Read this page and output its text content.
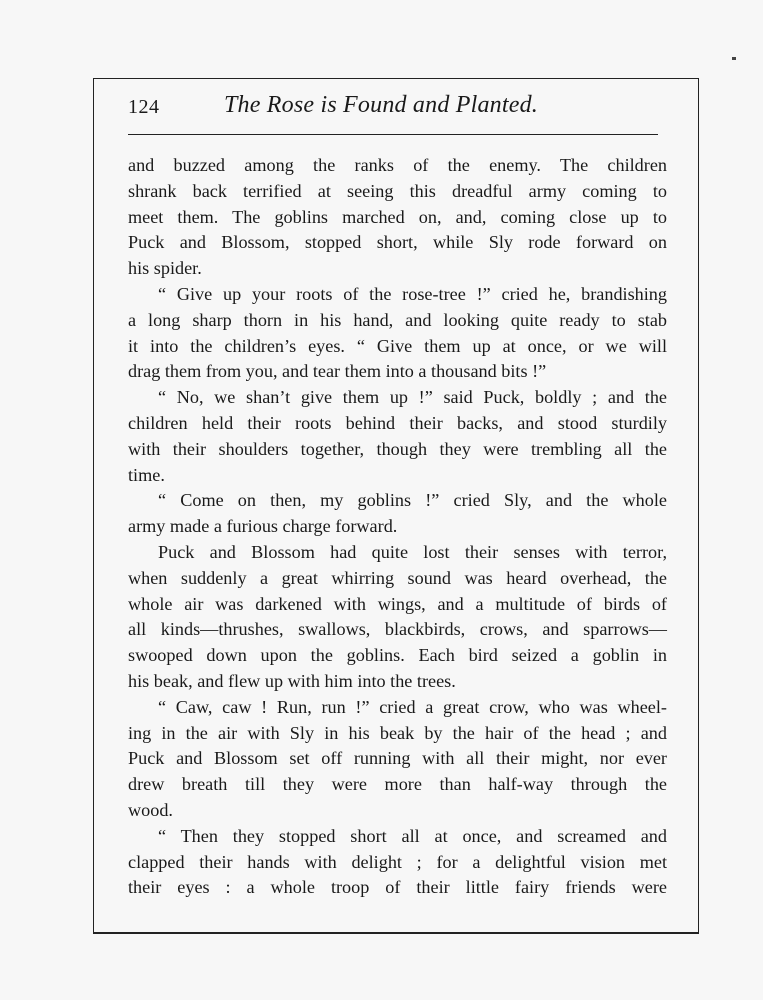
124	The Rose is Found and Planted.
and buzzed among the ranks of the enemy. The children
shrank back terrified at seeing this dreadful army coming to
meet them. The goblins marched on, and, coming close up to
Puck and Blossom, stopped short, while Sly rode forward on
his spider.
“ Give up your roots of the rose-tree !” cried he, brandishing
a long sharp thorn in his hand, and looking quite ready to stab
it into the children’s eyes. “ Give them up at once, or we will
drag them from you, and tear them into a thousand bits !”
“ No, we shan’t give them up !” said Puck, boldly ; and the
children held their roots behind their backs, and stood sturdily
with their shoulders together, though they were trembling all the
time.
“ Come on then, my goblins !” cried Sly, and the whole
army made a furious charge forward.
Puck and Blossom had quite lost their senses with terror,
when suddenly a great whirring sound was heard overhead, the
whole air was darkened with wings, and a multitude of birds of
all kinds—thrushes, swallows, blackbirds, crows, and sparrows—
swooped down upon the goblins. Each bird seized a goblin in
his beak, and flew up with him into the trees.
“ Caw, caw ! Run, run !” cried a great crow, who was wheel-
ing in the air with Sly in his beak by the hair of the head ; and
Puck and Blossom set off running with all their might, nor ever
drew breath till they were more than half-way through the
wood.
“ Then they stopped short all at once, and screamed and
clapped their hands with delight ; for a delightful vision met
their eyes : a whole troop of their little fairy friends were
